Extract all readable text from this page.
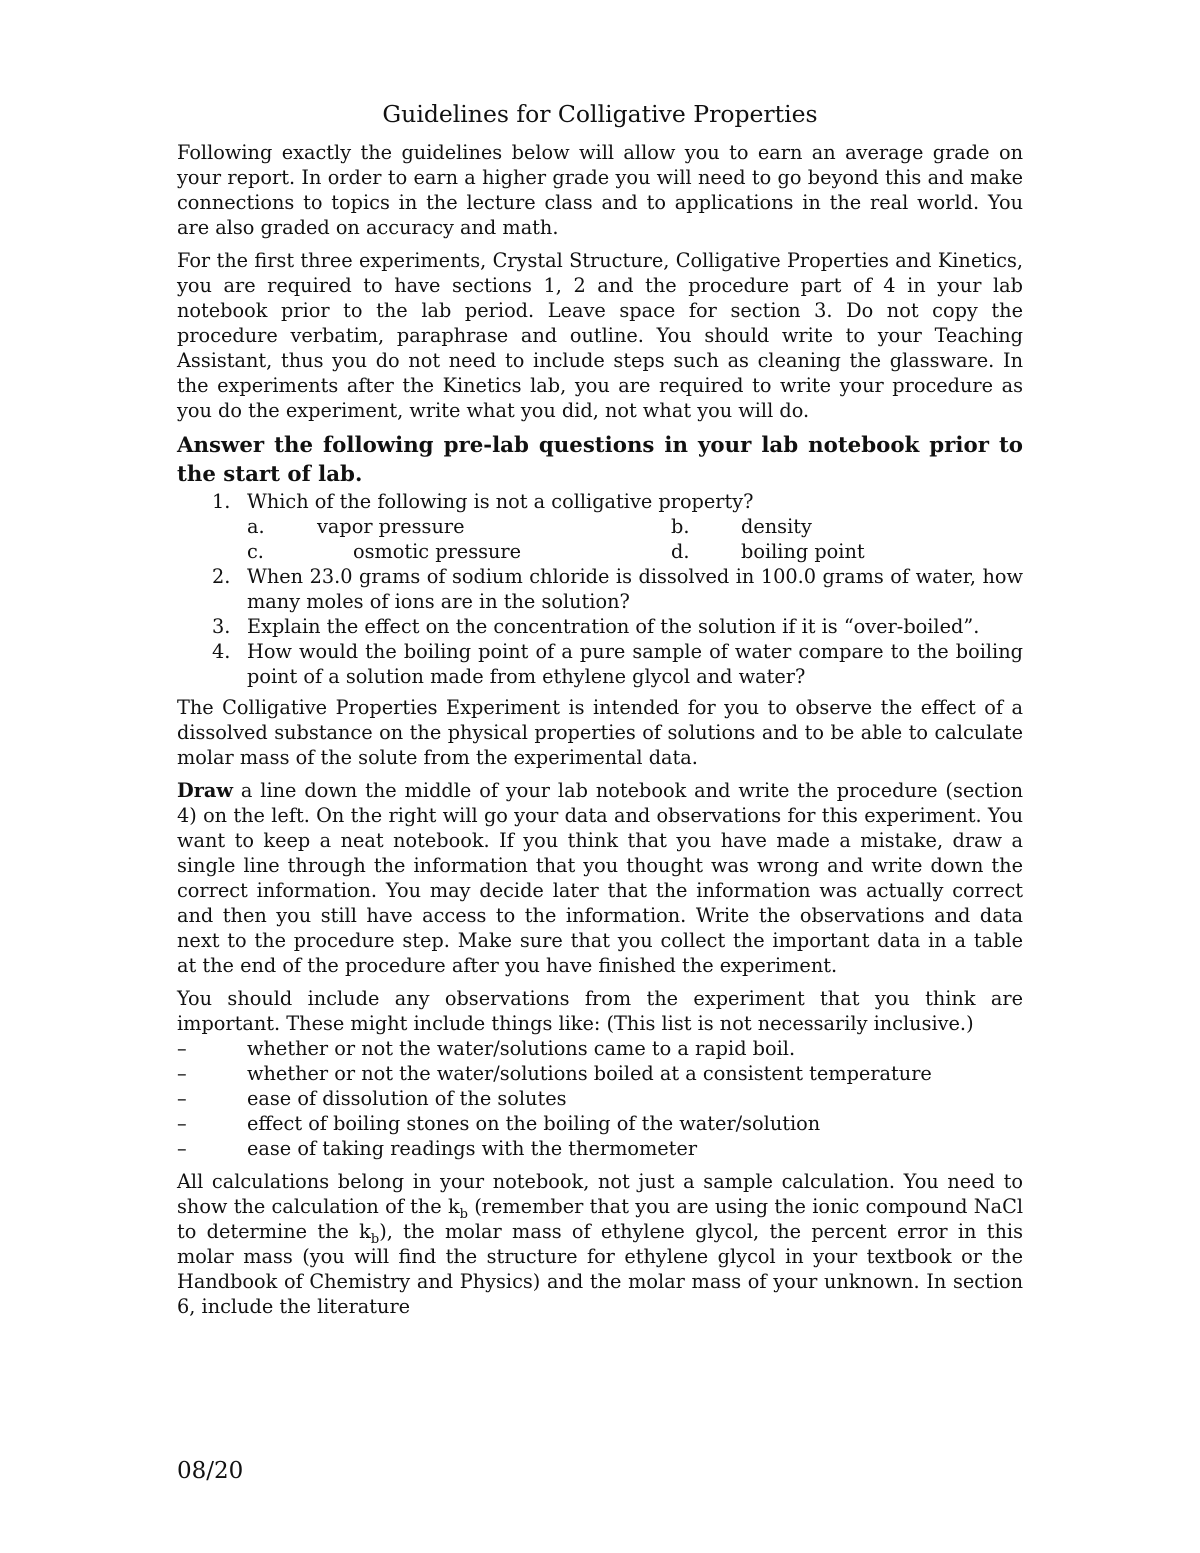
Guidelines for Colligative Properties

Following exactly the guidelines below will allow you to earn an average grade on your report. In order to earn a higher grade you will need to go beyond this and make connections to topics in the lecture class and to applications in the real world. You are also graded on accuracy and math.

For the first three experiments, Crystal Structure, Colligative Properties and Kinetics, you are required to have sections 1, 2 and the procedure part of 4 in your lab notebook prior to the lab period. Leave space for section 3. Do not copy the procedure verbatim, paraphrase and outline. You should write to your Teaching Assistant, thus you do not need to include steps such as cleaning the glassware. In the experiments after the Kinetics lab, you are required to write your procedure as you do the experiment, write what you did, not what you will do.

Answer the following pre-lab questions in your lab notebook prior to the start of lab.
1. Which of the following is not a colligative property?
a.	vapor pressure	b.	density
c.	osmotic pressure	d.	boiling point
2. When 23.0 grams of sodium chloride is dissolved in 100.0 grams of water, how many moles of ions are in the solution?
3. Explain the effect on the concentration of the solution if it is “over-boiled”.
4. How would the boiling point of a pure sample of water compare to the boiling point of a solution made from ethylene glycol and water?

The Colligative Properties Experiment is intended for you to observe the effect of a dissolved substance on the physical properties of solutions and to be able to calculate molar mass of the solute from the experimental data.

Draw a line down the middle of your lab notebook and write the procedure (section 4) on the left. On the right will go your data and observations for this experiment. You want to keep a neat notebook. If you think that you have made a mistake, draw a single line through the information that you thought was wrong and write down the correct information. You may decide later that the information was actually correct and then you still have access to the information. Write the observations and data next to the procedure step. Make sure that you collect the important data in a table at the end of the procedure after you have finished the experiment.

You should include any observations from the experiment that you think are important. These might include things like: (This list is not necessarily inclusive.)

–	whether or not the water/solutions came to a rapid boil.
–	whether or not the water/solutions boiled at a consistent temperature
–	ease of dissolution of the solutes
–	effect of boiling stones on the boiling of the water/solution
–	ease of taking readings with the thermometer

All calculations belong in your notebook, not just a sample calculation. You need to show the calculation of the $k_b$ (remember that you are using the ionic compound NaCl to determine the $k_b$), the molar mass of ethylene glycol, the percent error in this molar mass (you will find the structure for ethylene glycol in your textbook or the Handbook of Chemistry and Physics) and the molar mass of your unknown. In section 6, include the literature

08/20
